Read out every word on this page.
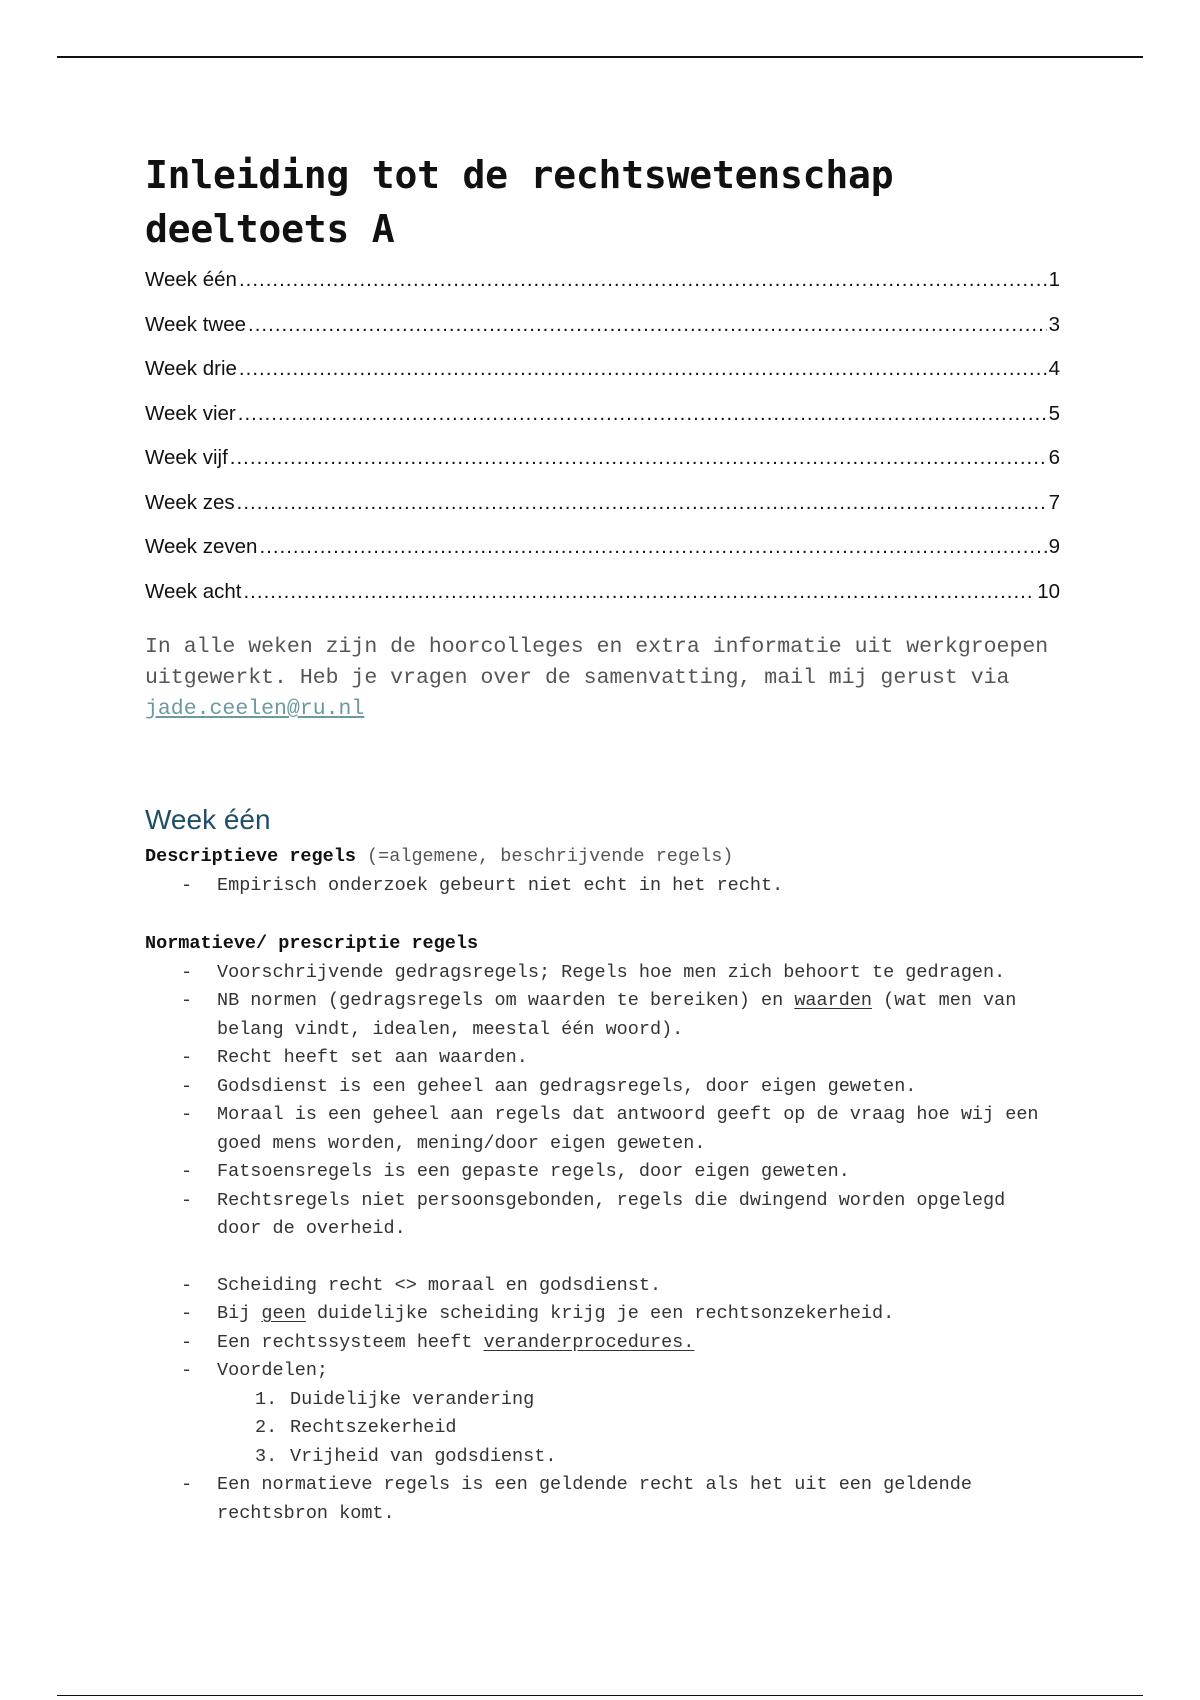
Inleiding tot de rechtswetenschap deeltoets A
Week één .....	1
Week twee .....	3
Week drie .....	4
Week vier .....	5
Week vijf .....	6
Week zes .....	7
Week zeven .....	9
Week acht .....	10

In alle weken zijn de hoorcolleges en extra informatie uit werkgroepen uitgewerkt. Heb je vragen over de samenvatting, mail mij gerust via jade.ceelen@ru.nl

Week één
Descriptieve regels (=algemene, beschrijvende regels)
- Empirisch onderzoek gebeurt niet echt in het recht.
Normatieve/ prescriptie regels
- Voorschrijvende gedragsregels; Regels hoe men zich behoort te gedragen.
- NB normen (gedragsregels om waarden te bereiken) en waarden (wat men van belang vindt, idealen, meestal één woord).
- Recht heeft set aan waarden.
- Godsdienst is een geheel aan gedragsregels, door eigen geweten.
- Moraal is een geheel aan regels dat antwoord geeft op de vraag hoe wij een goed mens worden, mening/door eigen geweten.
- Fatsoensregels is een gepaste regels, door eigen geweten.
- Rechtsregels niet persoonsgebonden, regels die dwingend worden opgelegd door de overheid.
- Scheiding recht <> moraal en godsdienst.
- Bij geen duidelijke scheiding krijg je een rechtsonzekerheid.
- Een rechtssysteem heeft veranderprocedures.
- Voordelen;
1. Duidelijke verandering
2. Rechtszekerheid
3. Vrijheid van godsdienst.
- Een normatieve regels is een geldende recht als het uit een geldende rechtsbron komt.
